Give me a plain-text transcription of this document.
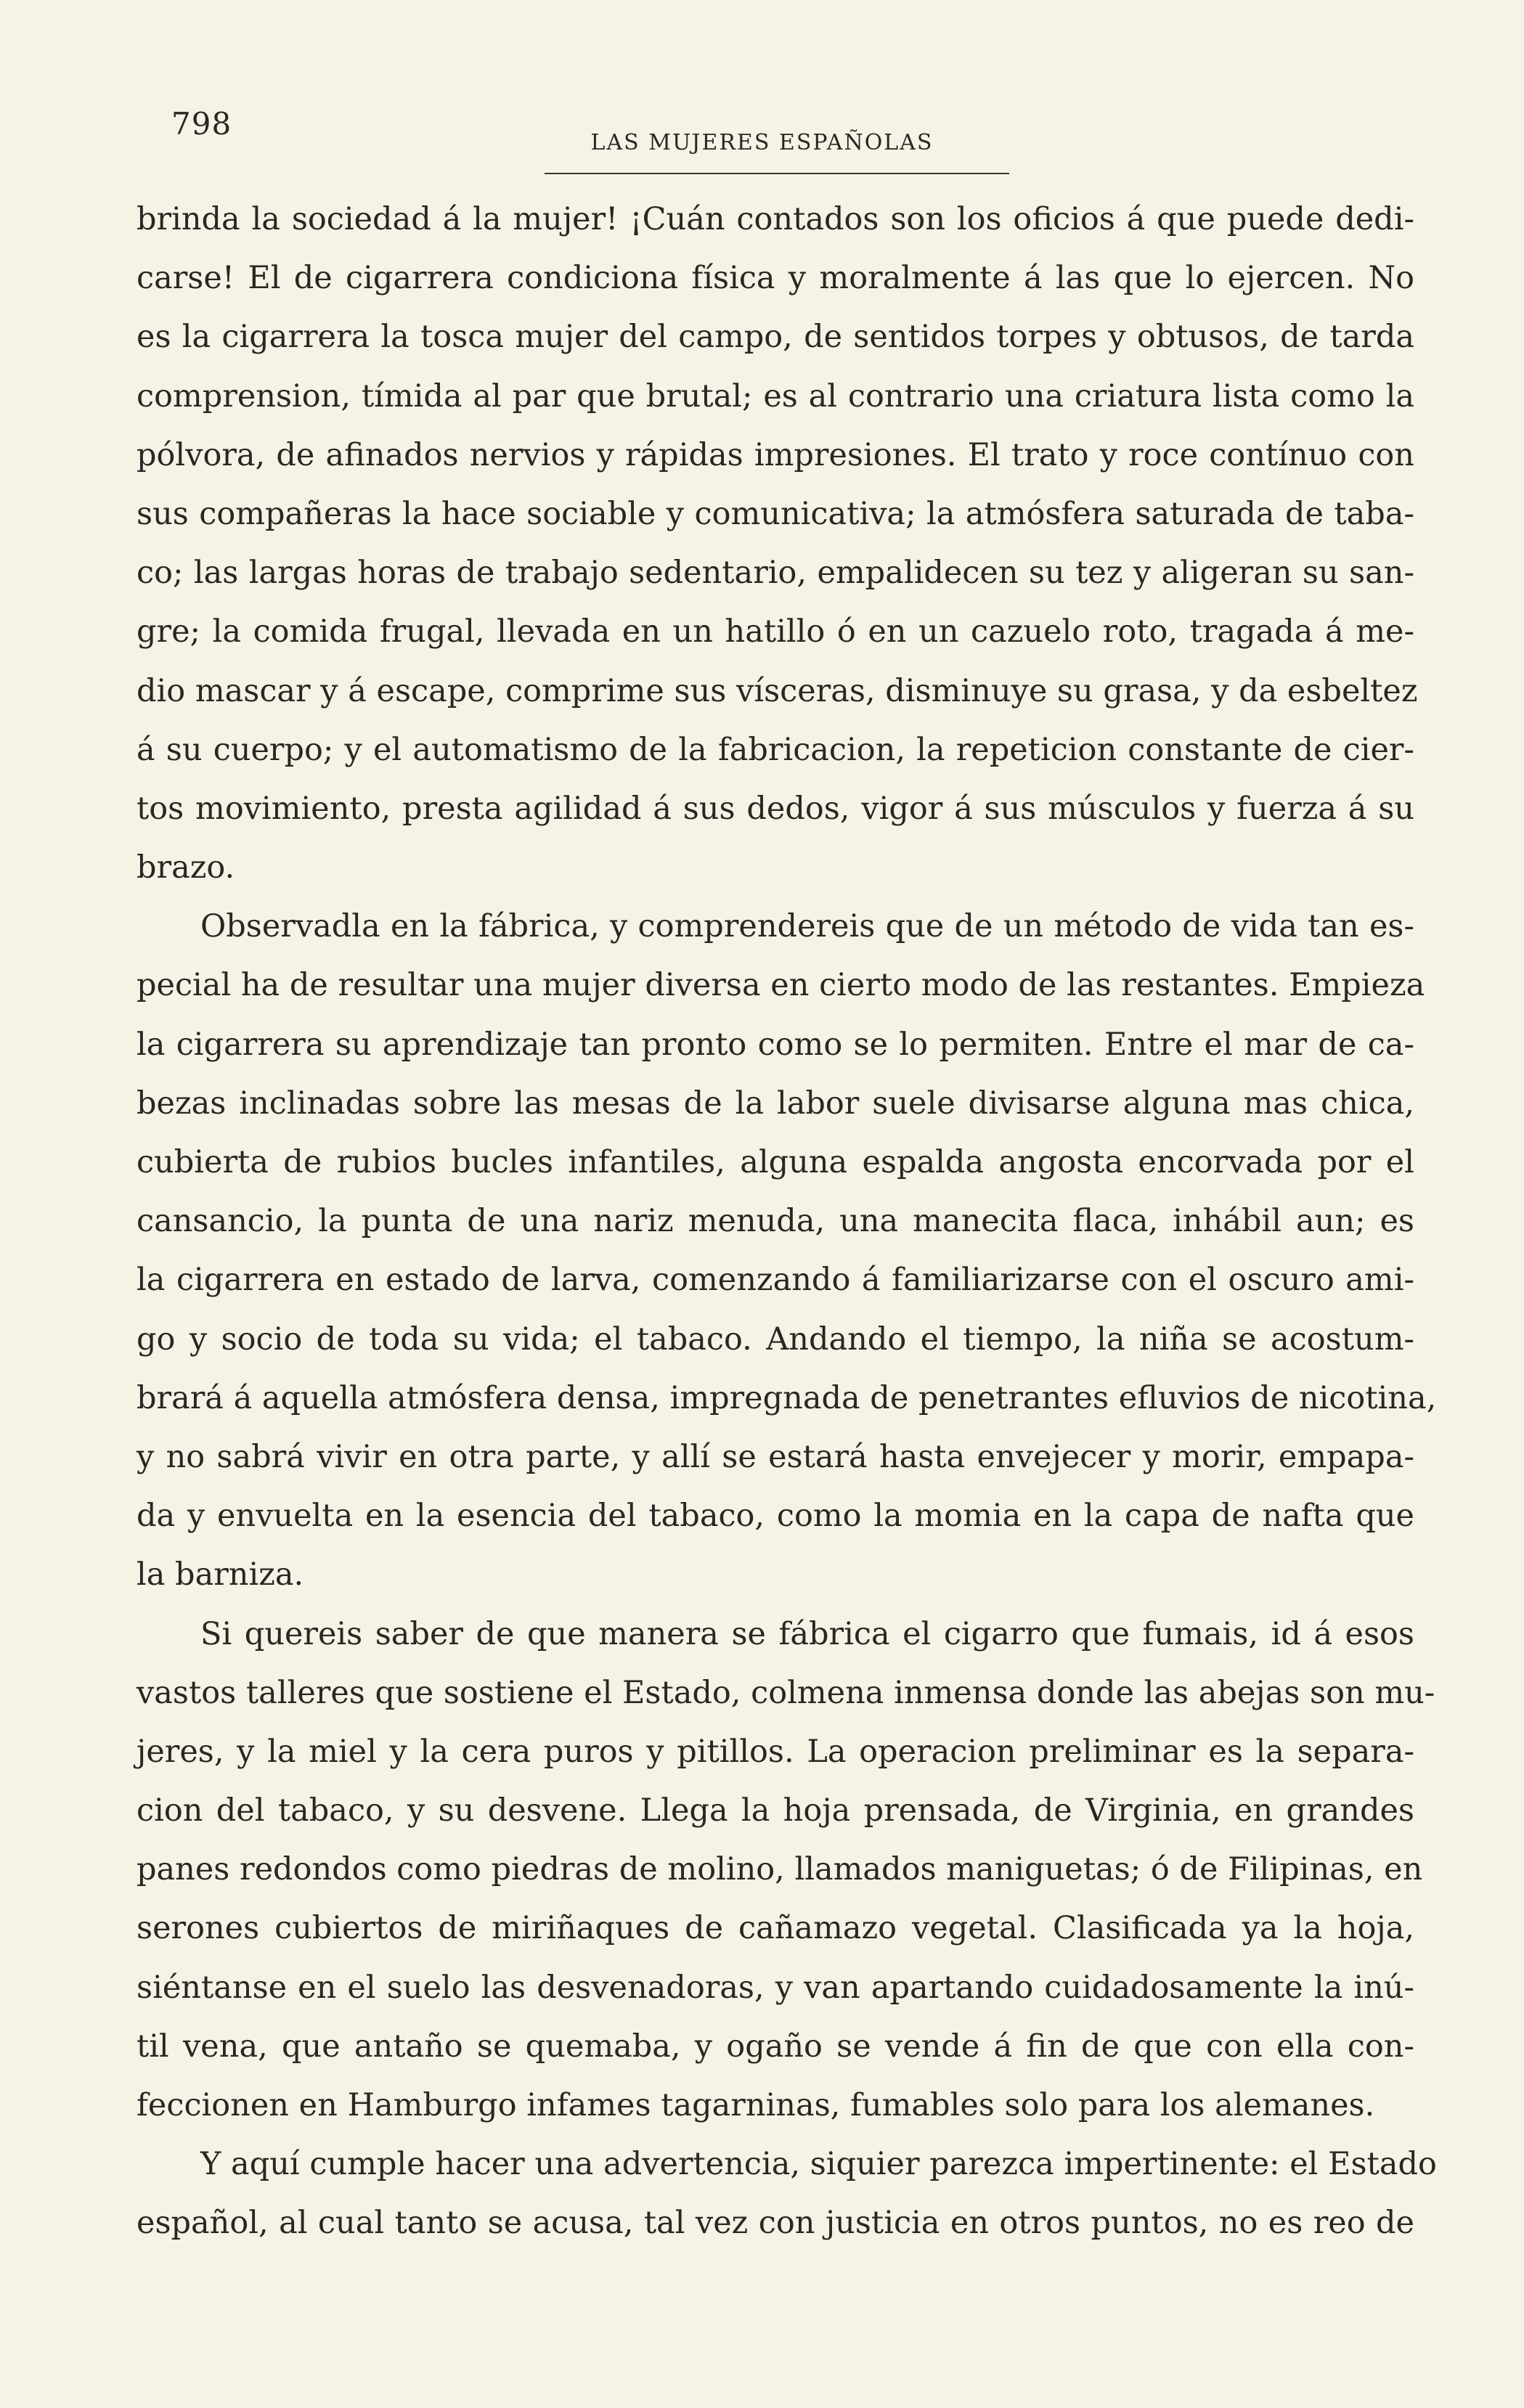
798
LAS MUJERES ESPAÑOLAS
brinda la sociedad á la mujer! ¡Cuán contados son los oficios á que puede dedi-
carse! El de cigarrera condiciona física y moralmente á las que lo ejercen. No
es la cigarrera la tosca mujer del campo, de sentidos torpes y obtusos, de tarda
comprension, tímida al par que brutal; es al contrario una criatura lista como la
pólvora, de afinados nervios y rápidas impresiones. El trato y roce contínuo con
sus compañeras la hace sociable y comunicativa; la atmósfera saturada de taba-
co; las largas horas de trabajo sedentario, empalidecen su tez y aligeran su san-
gre; la comida frugal, llevada en un hatillo ó en un cazuelo roto, tragada á me-
dio mascar y á escape, comprime sus vísceras, disminuye su grasa, y da esbeltez
á su cuerpo; y el automatismo de la fabricacion, la repeticion constante de cier-
tos movimiento, presta agilidad á sus dedos, vigor á sus músculos y fuerza á su
brazo.
Observadla en la fábrica, y comprendereis que de un método de vida tan es-
pecial ha de resultar una mujer diversa en cierto modo de las restantes. Empieza
la cigarrera su aprendizaje tan pronto como se lo permiten. Entre el mar de ca-
bezas inclinadas sobre las mesas de la labor suele divisarse alguna mas chica,
cubierta de rubios bucles infantiles, alguna espalda angosta encorvada por el
cansancio, la punta de una nariz menuda, una manecita flaca, inhábil aun; es
la cigarrera en estado de larva, comenzando á familiarizarse con el oscuro ami-
go y socio de toda su vida; el tabaco. Andando el tiempo, la niña se acostum-
brará á aquella atmósfera densa, impregnada de penetrantes efluvios de nicotina,
y no sabrá vivir en otra parte, y allí se estará hasta envejecer y morir, empapa-
da y envuelta en la esencia del tabaco, como la momia en la capa de nafta que
la barniza.
Si quereis saber de que manera se fábrica el cigarro que fumais, id á esos
vastos talleres que sostiene el Estado, colmena inmensa donde las abejas son mu-
jeres, y la miel y la cera puros y pitillos. La operacion preliminar es la separa-
cion del tabaco, y su desvene. Llega la hoja prensada, de Virginia, en grandes
panes redondos como piedras de molino, llamados maniguetas; ó de Filipinas, en
serones cubiertos de miriñaques de cañamazo vegetal. Clasificada ya la hoja,
siéntanse en el suelo las desvenadoras, y van apartando cuidadosamente la inú-
til vena, que antaño se quemaba, y ogaño se vende á fin de que con ella con-
feccionen en Hamburgo infames tagarninas, fumables solo para los alemanes.
Y aquí cumple hacer una advertencia, siquier parezca impertinente: el Estado
español, al cual tanto se acusa, tal vez con justicia en otros puntos, no es reo de
